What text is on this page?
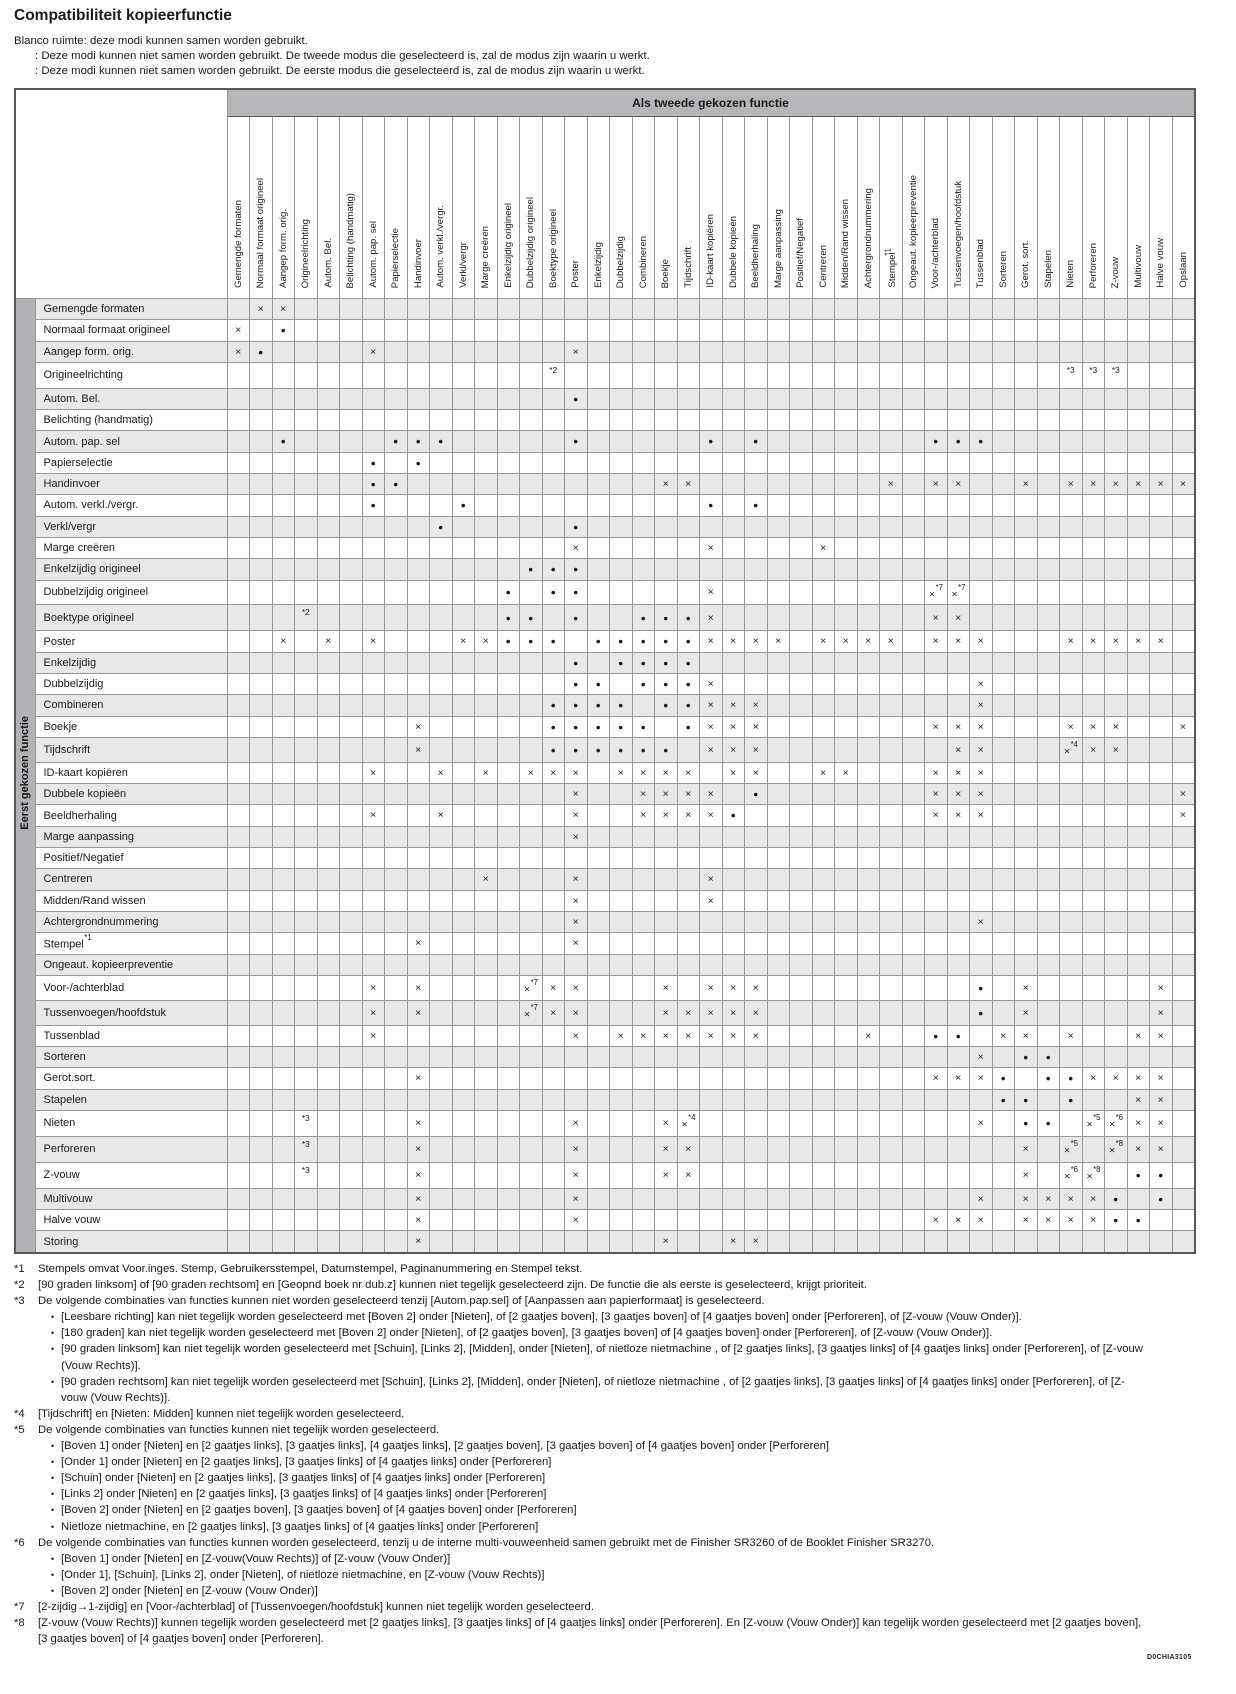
Compatibiliteit kopieerfunctie
Blanco ruimte: deze modi kunnen samen worden gebruikt.
: Deze modi kunnen niet samen worden gebruikt. De tweede modus die geselecteerd is, zal de modus zijn waarin u werkt.
: Deze modi kunnen niet samen worden gebruikt. De eerste modus die geselecteerd is, zal de modus zijn waarin u werkt.
		Als tweede gekozen functie																																										
		Gemengde formaten	Normaal formaat origineel	Aangep form. orig.	Origineelrichting	Autom. Bel.	Belichting (handmatig)	Autom. pap. sel	Papierselectie	Handinvoer	Autom. verkl./vergr.	Verkl/vergr	Marge creëren	Enkelzijdig origineel	Dubbelzijdig origineel	Boektype origineel	Poster	Enkelzijdig	Dubbelzijdig	Combineren	Boekje	Tijdschrift	ID-kaart kopiëren	Dubbele kopieën	Beeldherhaling	Marge aanpassing	Positief/Negatief	Centreren	Midden/Rand wissen	Achtergrondnummering	Stempel$^{*1}$	Ongeaut. kopieerpreventie	Voor-/achterblad	Tussenvoegen/hoofdstuk	Tussenblad	Sorteren	Gerot. sort.	Stapelen	Nieten	Perforeren	Z-vouw	Multivouw	Halve vouw	Opslaan
Eerst gekozen functie	Gemengde formaten		×	×																																								
	Normaal formaat origineel	×		●																																								
	Aangep form. orig.	×	●					×									×																											
	Origineelrichting															$^{*2}$																							$^{*3}$	$^{*3}$	$^{*3}$			
	Autom. Bel.																●																											
	Belichting (handmatig)																																											
	Autom. pap. sel			●					●	●	●						●						●		●								●	●	●									
	Papierselectie							●		●																																		
	Handinvoer							●	●												×	×									×		×	×			×		×	×	×	×	×	×
	Autom. verkl./vergr.							●				●											●		●																			
	Verkl/vergr										●						●																											
	Marge creëren																×						×					×																
	Enkelzijdig origineel														●	●	●																											
	Dubbelzijdig origineel													●		●	●						×										×$^{*7}$	×$^{*7}$										
	Boektype origineel				$^{*2}$									●	●		●			●	●	●	×										×	×										
	Poster			×		×		×				×	×	●	●	●		●	●	●	●	●	×	×	×	×		×	×	×	×		×	×	×				×	×	×	×	×	
	Enkelzijdig																●		●	●	●	●																						
	Dubbelzijdig																●	●		●	●	●	×												×									
	Combineren															●	●	●	●		●	●	×	×	×										×									
	Boekje									×						●	●	●	●	●		●	×	×	×								×	×	×				×	×	×			×
	Tijdschrift									×						●	●	●	●	●	●		×	×	×									×	×				×$^{*4}$	×	×			
	ID-kaart kopiëren							×			×		×		×	×	×		×	×	×	×		×	×			×	×				×	×	×									
	Dubbele kopieën																×			×	×	×	×		●								×	×	×									×
	Beeldherhaling							×			×						×			×	×	×	×	●									×	×	×									×
	Marge aanpassing																×																											
	Positief/Negatief																																											
	Centreren												×				×						×																					
	Midden/Rand wissen																×						×																					
	Achtergrondnummering																×																		×									
	Stempel$^{*1}$									×							×																											
	Ongeaut. kopieerpreventie																																											
	Voor-/achterblad							×		×					×$^{*7}$	×	×				×		×	×	×										●		×						×	
	Tussenvoegen/hoofdstuk							×		×					×$^{*7}$	×	×				×	×	×	×	×										●		×						×	
	Tussenblad							×									×		×	×	×	×	×	×	×					×			●	●		×	×		×			×	×	
	Sorteren																																		×		●	●						
	Gerot.sort.									×																							×	×	×	●		●	●	×	×	×	×	
	Stapelen																																			●	●		●			×	×	
	Nieten				$^{*3}$					×							×				×	×$^{*4}$													×		●	●		×$^{*5}$	×$^{*6}$	×	×	
	Perforeren				$^{*3}$					×							×				×	×															×		×$^{*5}$		×$^{*8}$	×	×	
	Z-vouw				$^{*3}$					×							×				×	×															×		×$^{*6}$	×$^{*8}$		●	●	
	Multivouw									×							×																		×		×	×	×	×	●		●	
	Halve vouw									×							×																×	×	×		×	×	×	×	●	●		
	Storing									×											×			×	×																			
*1	Stempels omvat Voor.inges. Stemp, Gebruikersstempel, Datumstempel, Paginanummering en Stempel tekst.
*2	[90 graden linksom] of [90 graden rechtsom] en [Geopnd boek nr dub.z] kunnen niet tegelijk geselecteerd zijn. De functie die als eerste is geselecteerd, krijgt prioriteit.
*3	De volgende combinaties van functies kunnen niet worden geselecteerd tenzij [Autom.pap.sel] of [Aanpassen aan papierformaat] is geselecteerd.
• [Leesbare richting] kan niet tegelijk worden geselecteerd met [Boven 2] onder [Nieten], of [2 gaatjes boven], [3 gaatjes boven] of [4 gaatjes boven] onder [Perforeren], of [Z-vouw (Vouw Onder)].
• [180 graden] kan niet tegelijk worden geselecteerd met [Boven 2] onder [Nieten], of [2 gaatjes boven], [3 gaatjes boven] of [4 gaatjes boven] onder [Perforeren], of [Z-vouw (Vouw Onder)].
• [90 graden linksom] kan niet tegelijk worden geselecteerd met [Schuin], [Links 2], [Midden], onder [Nieten], of nietloze nietmachine , of [2 gaatjes links], [3 gaatjes links] of [4 gaatjes links] onder [Perforeren], of [Z-vouw (Vouw Rechts)].
• [90 graden rechtsom] kan niet tegelijk worden geselecteerd met [Schuin], [Links 2], [Midden], onder [Nieten], of nietloze nietmachine , of [2 gaatjes links], [3 gaatjes links] of [4 gaatjes links] onder [Perforeren], of [Z-vouw (Vouw Rechts)].
*4	[Tijdschrift] en [Nieten: Midden] kunnen niet tegelijk worden geselecteerd.
*5	De volgende combinaties van functies kunnen niet tegelijk worden geselecteerd.
• [Boven 1] onder [Nieten] en [2 gaatjes links], [3 gaatjes links], [4 gaatjes links], [2 gaatjes boven], [3 gaatjes boven] of [4 gaatjes boven] onder [Perforeren]
• [Onder 1] onder [Nieten] en [2 gaatjes links], [3 gaatjes links] of [4 gaatjes links] onder [Perforeren]
• [Schuin] onder [Nieten] en [2 gaatjes links], [3 gaatjes links] of [4 gaatjes links] onder [Perforeren]
• [Links 2] onder [Nieten] en [2 gaatjes links], [3 gaatjes links] of [4 gaatjes links] onder [Perforeren]
• [Boven 2] onder [Nieten] en [2 gaatjes boven], [3 gaatjes boven] of [4 gaatjes boven] onder [Perforeren]
• Nietloze nietmachine, en [2 gaatjes links], [3 gaatjes links] of [4 gaatjes links] onder [Perforeren]
*6	De volgende combinaties van functies kunnen worden geselecteerd, tenzij u de interne multi-vouweenheid samen gebruikt met de Finisher SR3260 of de Booklet Finisher SR3270.
• [Boven 1] onder [Nieten] en [Z-vouw(Vouw Rechts)] of [Z-vouw (Vouw Onder)]
• [Onder 1], [Schuin], [Links 2], onder [Nieten], of nietloze nietmachine, en [Z-vouw (Vouw Rechts)]
• [Boven 2] onder [Nieten] en [Z-vouw (Vouw Onder)]
*7	[2-zijdig→1-zijdig] en [Voor-/achterblad] of [Tussenvoegen/hoofdstuk] kunnen niet tegelijk worden geselecteerd.
*8	[Z-vouw (Vouw Rechts)] kunnen tegelijk worden geselecteerd met [2 gaatjes links], [3 gaatjes links] of [4 gaatjes links] onder [Perforeren]. En [Z-vouw (Vouw Onder)] kan tegelijk worden geselecteerd met [2 gaatjes boven], [3 gaatjes boven] of [4 gaatjes boven] onder [Perforeren].
D0CHIA3105
